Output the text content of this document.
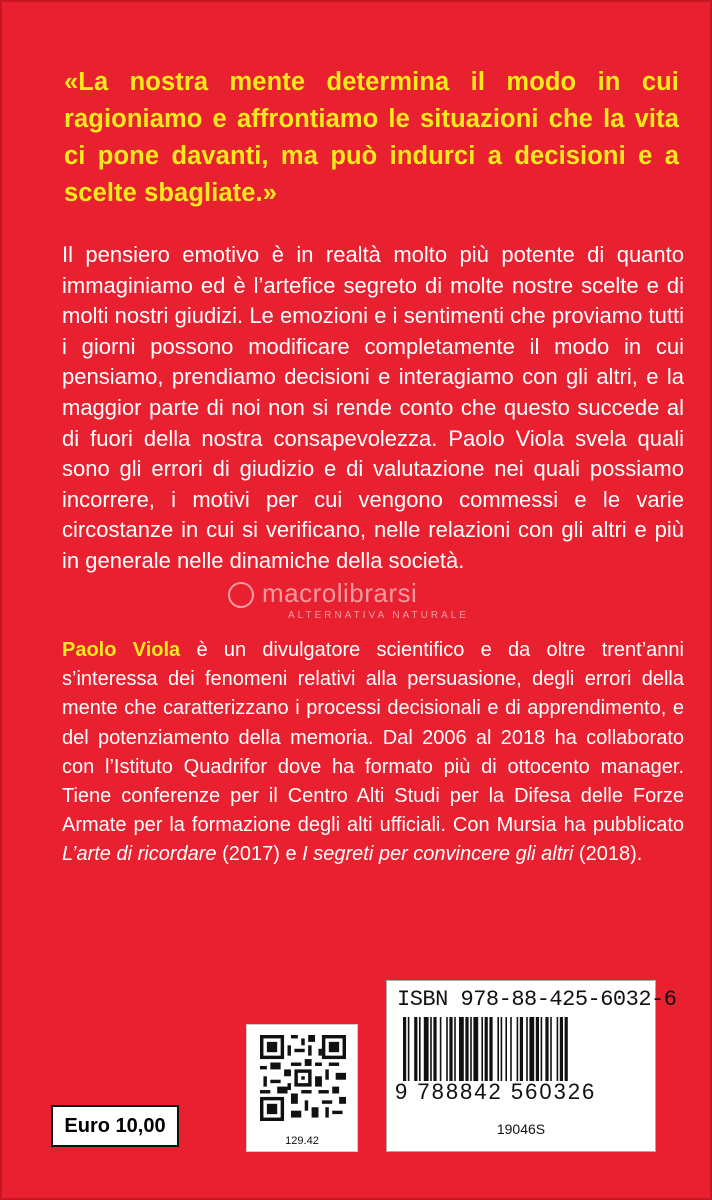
«La nostra mente determina il modo in cui ragioniamo e affrontiamo le situazioni che la vita ci pone davanti, ma può indurci a decisioni e a scelte sbagliate.»

Il pensiero emotivo è in realtà molto più potente di quanto immaginiamo ed è l’artefice segreto di molte nostre scelte e di molti nostri giudizi. Le emozioni e i sentimenti che proviamo tutti i giorni possono modificare completamente il modo in cui pensiamo, prendiamo decisioni e interagiamo con gli altri, e la maggior parte di noi non si rende conto che questo succede al di fuori della nostra consapevolezza. Paolo Viola svela quali sono gli errori di giudizio e di valutazione nei quali possiamo incorrere, i motivi per cui vengono commessi e le varie circostanze in cui si verificano, nelle relazioni con gli altri e più in generale nelle dinamiche della società.

macrolibrarsi
ALTERNATIVA NATURALE

Paolo Viola è un divulgatore scientifico e da oltre trent’anni s’interessa dei fenomeni relativi alla persuasione, degli errori della mente che caratterizzano i processi decisionali e di apprendimento, e del potenziamento della memoria. Dal 2006 al 2018 ha collaborato con l’Istituto Quadrifor dove ha formato più di ottocento manager. Tiene conferenze per il Centro Alti Studi per la Difesa delle Forze Armate per la formazione degli alti ufficiali. Con Mursia ha pubblicato L’arte di ricordare (2017) e I segreti per convincere gli altri (2018).

Euro 10,00
129.42
ISBN 978-88-425-6032-6
9 788842 560326
19046S
